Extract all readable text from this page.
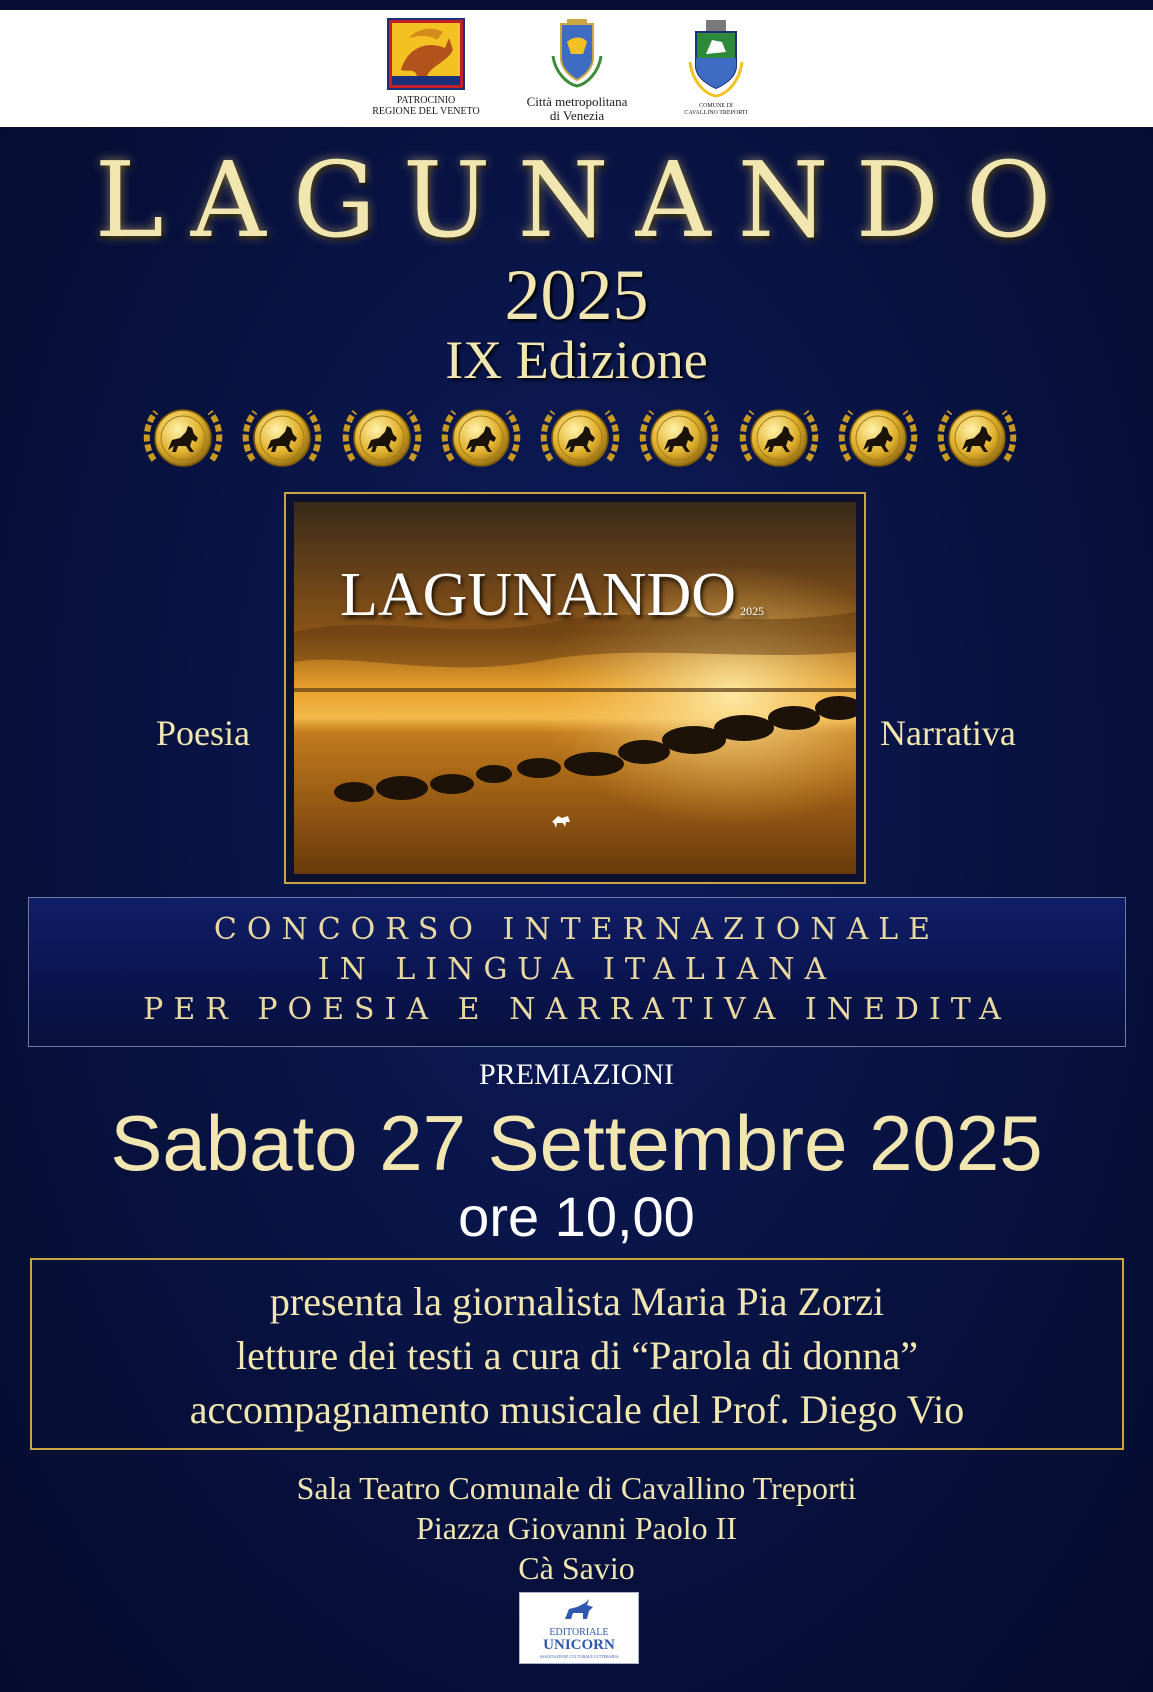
PATROCINIO
REGIONE DEL VENETO
Città metropolitana
di Venezia
COMUNE DI
CAVALLINO TREPORTI
LAGUNANDO
2025
IX Edizione
LAGUNANDO 2025
Poesia	Narrativa
CONCORSO INTERNAZIONALE
IN LINGUA ITALIANA
PER POESIA E NARRATIVA INEDITA
PREMIAZIONI
Sabato 27 Settembre 2025
ore 10,00
presenta la giornalista Maria Pia Zorzi
letture dei testi a cura di “Parola di donna”
accompagnamento musicale del Prof. Diego Vio
Sala Teatro Comunale di Cavallino Treporti
Piazza Giovanni Paolo II
Cà Savio
EDITORIALE
UNICORN
ASSOCIAZIONE CULTURALE LETTERARIA
